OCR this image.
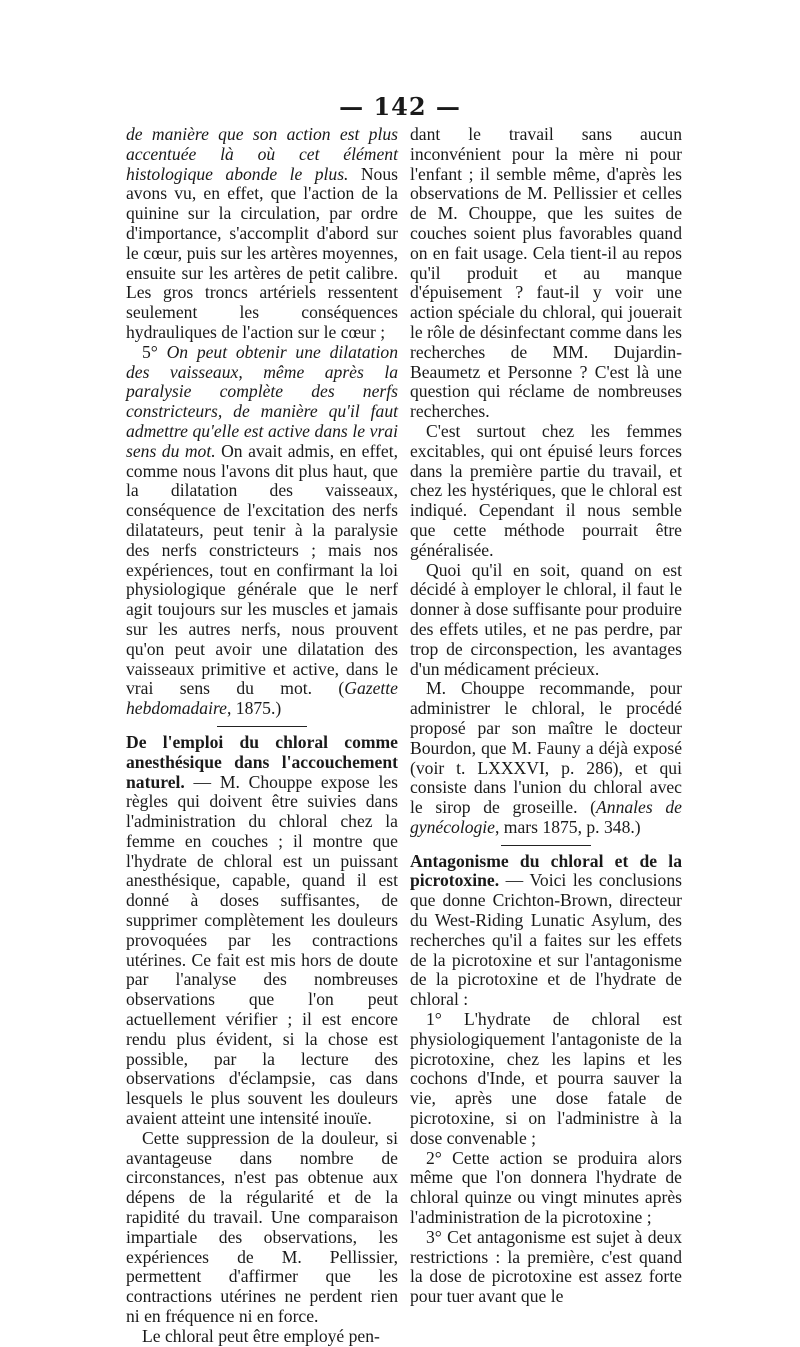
— 142 —

de manière que son action est plus accentuée là où cet élément histologique abonde le plus. Nous avons vu, en effet, que l'action de la quinine sur la circulation, par ordre d'importance, s'accomplit d'abord sur le cœur, puis sur les artères moyennes, ensuite sur les artères de petit calibre. Les gros troncs artériels ressentent seulement les conséquences hydrauliques de l'action sur le cœur ;

5° On peut obtenir une dilatation des vaisseaux, même après la paralysie complète des nerfs constricteurs, de manière qu'il faut admettre qu'elle est active dans le vrai sens du mot. On avait admis, en effet, comme nous l'avons dit plus haut, que la dilatation des vaisseaux, conséquence de l'excitation des nerfs dilatateurs, peut tenir à la paralysie des nerfs constricteurs ; mais nos expériences, tout en confirmant la loi physiologique générale que le nerf agit toujours sur les muscles et jamais sur les autres nerfs, nous prouvent qu'on peut avoir une dilatation des vaisseaux primitive et active, dans le vrai sens du mot. (Gazette hebdomadaire, 1875.)

De l'emploi du chloral comme anesthésique dans l'accouchement naturel. — M. Chouppe expose les règles qui doivent être suivies dans l'administration du chloral chez la femme en couches ; il montre que l'hydrate de chloral est un puissant anesthésique, capable, quand il est donné à doses suffisantes, de supprimer complètement les douleurs provoquées par les contractions utérines. Ce fait est mis hors de doute par l'analyse des nombreuses observations que l'on peut actuellement vérifier ; il est encore rendu plus évident, si la chose est possible, par la lecture des observations d'éclampsie, cas dans lesquels le plus souvent les douleurs avaient atteint une intensité inouïe.

Cette suppression de la douleur, si avantageuse dans nombre de circonstances, n'est pas obtenue aux dépens de la régularité et de la rapidité du travail. Une comparaison impartiale des observations, les expériences de M. Pellissier, permettent d'affirmer que les contractions utérines ne perdent rien ni en fréquence ni en force.

Le chloral peut être employé pen-

dant le travail sans aucun inconvénient pour la mère ni pour l'enfant ; il semble même, d'après les observations de M. Pellissier et celles de M. Chouppe, que les suites de couches soient plus favorables quand on en fait usage. Cela tient-il au repos qu'il produit et au manque d'épuisement ? faut-il y voir une action spéciale du chloral, qui jouerait le rôle de désinfectant comme dans les recherches de MM. Dujardin-Beaumetz et Personne ? C'est là une question qui réclame de nombreuses recherches.

C'est surtout chez les femmes excitables, qui ont épuisé leurs forces dans la première partie du travail, et chez les hystériques, que le chloral est indiqué. Cependant il nous semble que cette méthode pourrait être généralisée.

Quoi qu'il en soit, quand on est décidé à employer le chloral, il faut le donner à dose suffisante pour produire des effets utiles, et ne pas perdre, par trop de circonspection, les avantages d'un médicament précieux.

M. Chouppe recommande, pour administrer le chloral, le procédé proposé par son maître le docteur Bourdon, que M. Fauny a déjà exposé (voir t. LXXXVI, p. 286), et qui consiste dans l'union du chloral avec le sirop de groseille. (Annales de gynécologie, mars 1875, p. 348.)

Antagonisme du chloral et de la picrotoxine. — Voici les conclusions que donne Crichton-Brown, directeur du West-Riding Lunatic Asylum, des recherches qu'il a faites sur les effets de la picrotoxine et sur l'antagonisme de la picrotoxine et de l'hydrate de chloral :

1° L'hydrate de chloral est physiologiquement l'antagoniste de la picrotoxine, chez les lapins et les cochons d'Inde, et pourra sauver la vie, après une dose fatale de picrotoxine, si on l'administre à la dose convenable ;

2° Cette action se produira alors même que l'on donnera l'hydrate de chloral quinze ou vingt minutes après l'administration de la picrotoxine ;

3° Cet antagonisme est sujet à deux restrictions : la première, c'est quand la dose de picrotoxine est assez forte pour tuer avant que le
